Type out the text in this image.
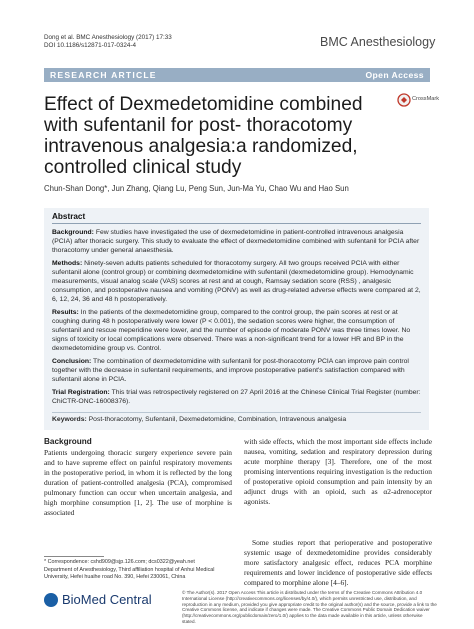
Dong et al. BMC Anesthesiology (2017) 17:33
DOI 10.1186/s12871-017-0324-4	BMC Anesthesiology
RESEARCH ARTICLE	Open Access
Effect of Dexmedetomidine combined with sufentanil for post- thoracotomy intravenous analgesia:a randomized, controlled clinical study
CrossMark
Chun-Shan Dong*, Jun Zhang, Qiang Lu, Peng Sun, Jun-Ma Yu, Chao Wu and Hao Sun
Abstract
Background: Few studies have investigated the use of dexmedetomidine in patient-controlled intravenous analgesia (PCIA) after thoracic surgery. This study to evaluate the effect of dexmedetomidine combined with sufentanil for PCIA after thoracotomy under general anaesthesia.
Methods: Ninety-seven adults patients scheduled for thoracotomy surgery. All two groups received PCIA with either sufentanil alone (control group) or combining dexmedetomidine with sufentanil (dexmedetomidine group). Hemodynamic measurements, visual analog scale (VAS) scores at rest and at cough, Ramsay sedation score (RSS) , analgesic consumption, and postoperative nausea and vomiting (PONV) as well as drug-related adverse effects were compared at 2, 6, 12, 24, 36 and 48 h postoperatively.
Results: In the patients of the dexmedetomidine group, compared to the control group, the pain scores at rest or at coughing during 48 h postoperatively were lower (P < 0.001), the sedation scores were higher, the consumption of sufentanil and rescue meperidine were lower, and the number of episode of moderate PONV was three times lower. No signs of toxicity or local complications were observed. There was a non-significant trend for a lower HR and BP in the dexmedetomidine group vs. Control.
Conclusion: The combination of dexmedetomidine with sufentanil for post-thoracotomy PCIA can improve pain control together with the decrease in sufentanil requirements, and improve postoperative patient's satisfaction compared with sufentanil alone in PCIA.
Trial Registration: This trial was retrospectively registered on 27 April 2016 at the Chinese Clinical Trial Register (number: ChiCTR-ONC-16008376).
Keywords: Post-thoracotomy, Sufentanil, Dexmedetomidine, Combination, Intravenous analgesia
Background
Patients undergoing thoracic surgery experience severe pain and to have supreme effect on painful respiratory movements in the postoperative period, in whom it is reflected by the long duration of patient-controlled analgesia (PCA), compromised pulmonary function can occur when uncertain analgesia, and high morphine consumption [1, 2]. The use of morphine is associated
with side effects, which the most important side effects include nausea, vomiting, sedation and respiratory depression during acute morphine therapy [3]. Therefore, one of the most promising interventions requiring investigation is the reduction of postoperative opioid consumption and pain intensity by an adjunct drugs with an opioid, such as α2-adrenoceptor agonists.
Some studies report that perioperative and postoperative systemic usage of dexmedetomidine provides considerably more satisfactory analgesic effect, reduces PCA morphine requirements and lower incidence of postoperative side effects compared to morphine alone [4–6].
* Correspondence: cshd909@sjp.126.com; dcs0322@yeah.net
Department of Anesthesiology, Third affiliation hospital of Anhui Medical University, Hefei huaihe road No. 390, Hefei 230061, China
BioMed Central	© The Author(s). 2017 Open Access This article is distributed under the terms of the Creative Commons Attribution 4.0 International License (http://creativecommons.org/licenses/by/4.0/), which permits unrestricted use, distribution, and reproduction in any medium, provided you give appropriate credit to the original author(s) and the source, provide a link to the Creative Commons license, and indicate if changes were made. The Creative Commons Public Domain Dedication waiver (http://creativecommons.org/publicdomain/zero/1.0/) applies to the data made available in this article, unless otherwise stated.
